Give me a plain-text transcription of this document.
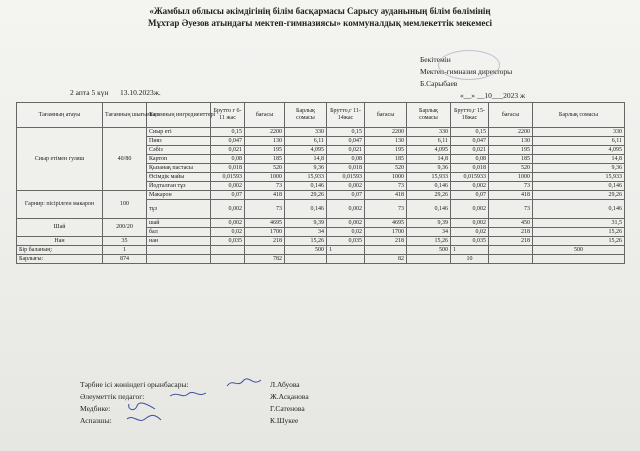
«Жамбыл облысы әкімдігінің білім басқармасы Сарысу ауданының білім бөлімінің
Мұхтар Әуезов атындағы мектеп-гимназиясы» коммуналдық мемлекеттік мекемесі
Бекітемін
Мектеп-гимназия директоры
Б.Сарыбаев
«__» __10___2023 ж
2 апта 5 күн 13.10.2023ж.
Тағамның атауы	Тағамның шығымы,г	Тағамның ингредиенттері	Брутто г 6-11 жас	бағасы	Барлық сомасы	Брутто,г 11-14жас	бағасы	Барлық сомасы	Брутто,г 15-18жас	бағасы	Барлық сомасы
Сиыр етімен гуляш	40/80	Сиыр еті	0,15	2200	330	0,15	2200	330	0,15	2200	330
		Пияз	0,047	130	6,11	0,047	130	6,11	0,047	130	6,11
		Сәбіз	0,021	195	4,095	0,021	195	4,095	0,021	195	4,095
		Картоп	0,08	185	14,8	0,08	185	14,8	0,08	185	14,8
		Қызанақ пастасы	0,018	520	9,36	0,018	520	9,36	0,018	520	9,36
		Өсімдік майы	0,01593	1000	15,933	0,01593	1000	15,933	0,015933	1000	15,933
		Йодталған тұз	0,002	73	0,146	0,002	73	0,146	0,002	73	0,146
Гарнир: пісірілген макарон	100	Макарон	0,07	418	29,26	0,07	418	29,26	0,07	418	29,26
		тұз	0,002	73	0,146	0,002	73	0,146	0,002	73	0,146
Шай	200/20	шай	0,002	4695	9,39	0,002	4695	9,39	0,002	450	31,5
		бал	0,02	1700	34	0,02	1700	34	0,02	218	15,26
Нан	35	нан	0,035	218	15,26	0,035	218	15,26	0,035	218	15,26
Бір баланың:	1				500	1		500	1		500
Барлығы:	874			782			82		10		
Тәрбие ісі жөніндегі орынбасары:	Л.Абуова
Әлеуметтік педагог:	Ж.Асқанова
Медбике:	Г.Сатенова
Аспазшы:	К.Шукее
